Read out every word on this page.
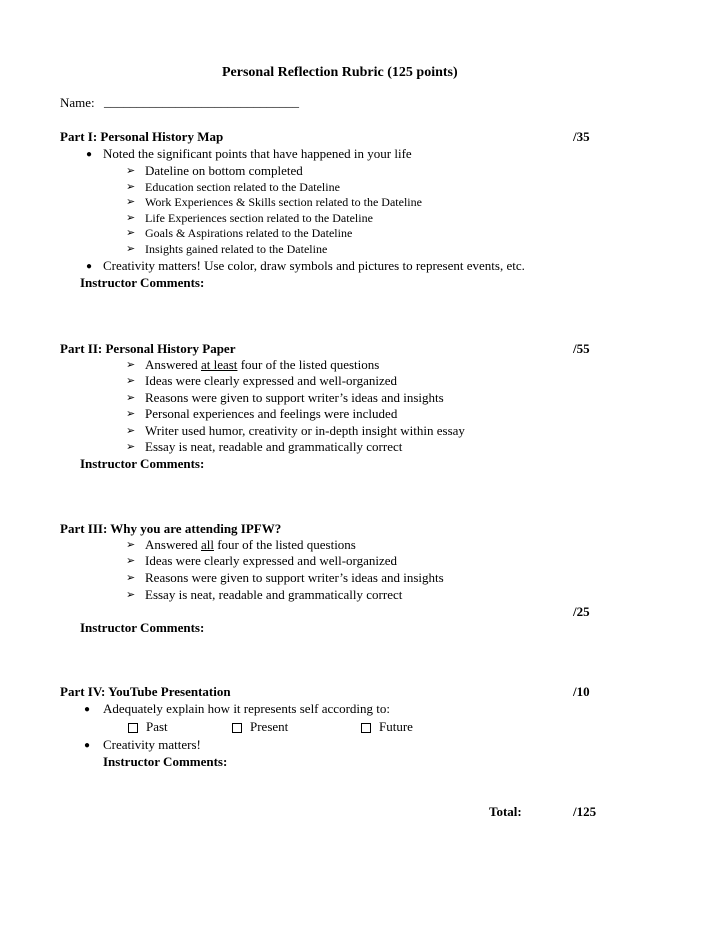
Personal Reflection Rubric (125 points)
Name: ______________________________
Part I: Personal History Map	/35
● Noted the significant points that have happened in your life
➢ Dateline on bottom completed
➢ Education section related to the Dateline
➢ Work Experiences & Skills section related to the Dateline
➢ Life Experiences section related to the Dateline
➢ Goals & Aspirations related to the Dateline
➢ Insights gained related to the Dateline
● Creativity matters! Use color, draw symbols and pictures to represent events, etc.
Instructor Comments:
Part II: Personal History Paper	/55
➢ Answered at least four of the listed questions
➢ Ideas were clearly expressed and well-organized
➢ Reasons were given to support writer’s ideas and insights
➢ Personal experiences and feelings were included
➢ Writer used humor, creativity or in-depth insight within essay
➢ Essay is neat, readable and grammatically correct
Instructor Comments:
Part III: Why you are attending IPFW?
➢ Answered all four of the listed questions
➢ Ideas were clearly expressed and well-organized
➢ Reasons were given to support writer’s ideas and insights
➢ Essay is neat, readable and grammatically correct
/25
Instructor Comments:
Part IV: YouTube Presentation	/10
● Adequately explain how it represents self according to:
Past	Present	Future
● Creativity matters!
Instructor Comments:
Total:	/125
